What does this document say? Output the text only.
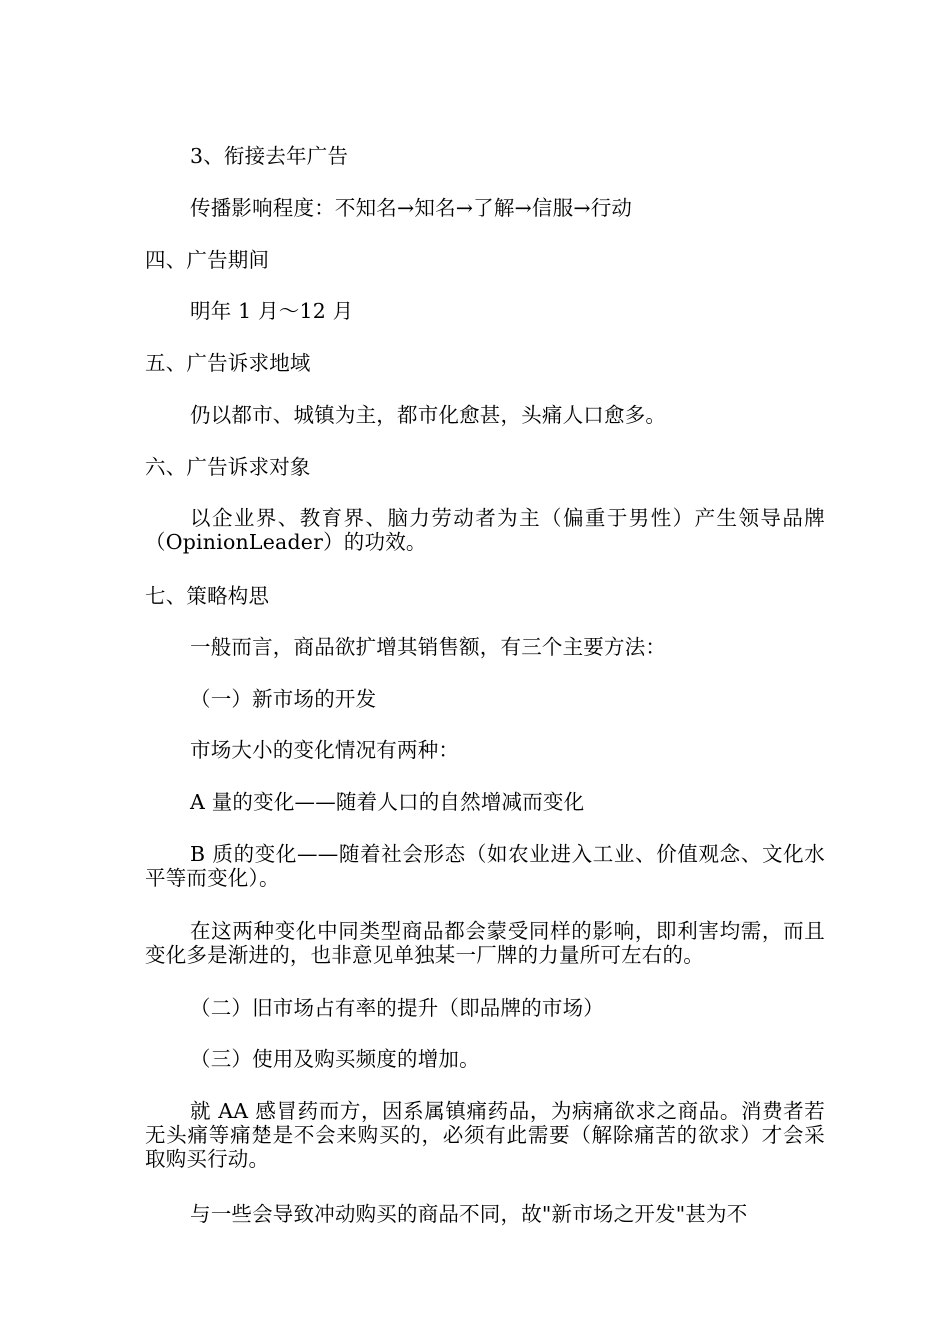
3、衔接去年广告
传播影响程度：不知名→知名→了解→信服→行动
四、广告期间
明年 1 月～12 月
五、广告诉求地域
仍以都市、城镇为主，都市化愈甚，头痛人口愈多。
六、广告诉求对象
以企业界、教育界、脑力劳动者为主（偏重于男性）产生领导品牌（OpinionLeader）的功效。
七、策略构思
一般而言，商品欲扩增其销售额，有三个主要方法：
（一）新市场的开发
市场大小的变化情况有两种：
A 量的变化——随着人口的自然增减而变化
B 质的变化——随着社会形态（如农业进入工业、价值观念、文化水平等而变化）。
在这两种变化中同类型商品都会蒙受同样的影响，即利害均需，而且变化多是渐进的，也非意见单独某一厂牌的力量所可左右的。
（二）旧市场占有率的提升（即品牌的市场）
（三）使用及购买频度的增加。
就 AA 感冒药而方，因系属镇痛药品，为病痛欲求之商品。消费者若无头痛等痛楚是不会来购买的，必须有此需要（解除痛苦的欲求）才会采取购买行动。
与一些会导致冲动购买的商品不同，故"新市场之开发"甚为不
